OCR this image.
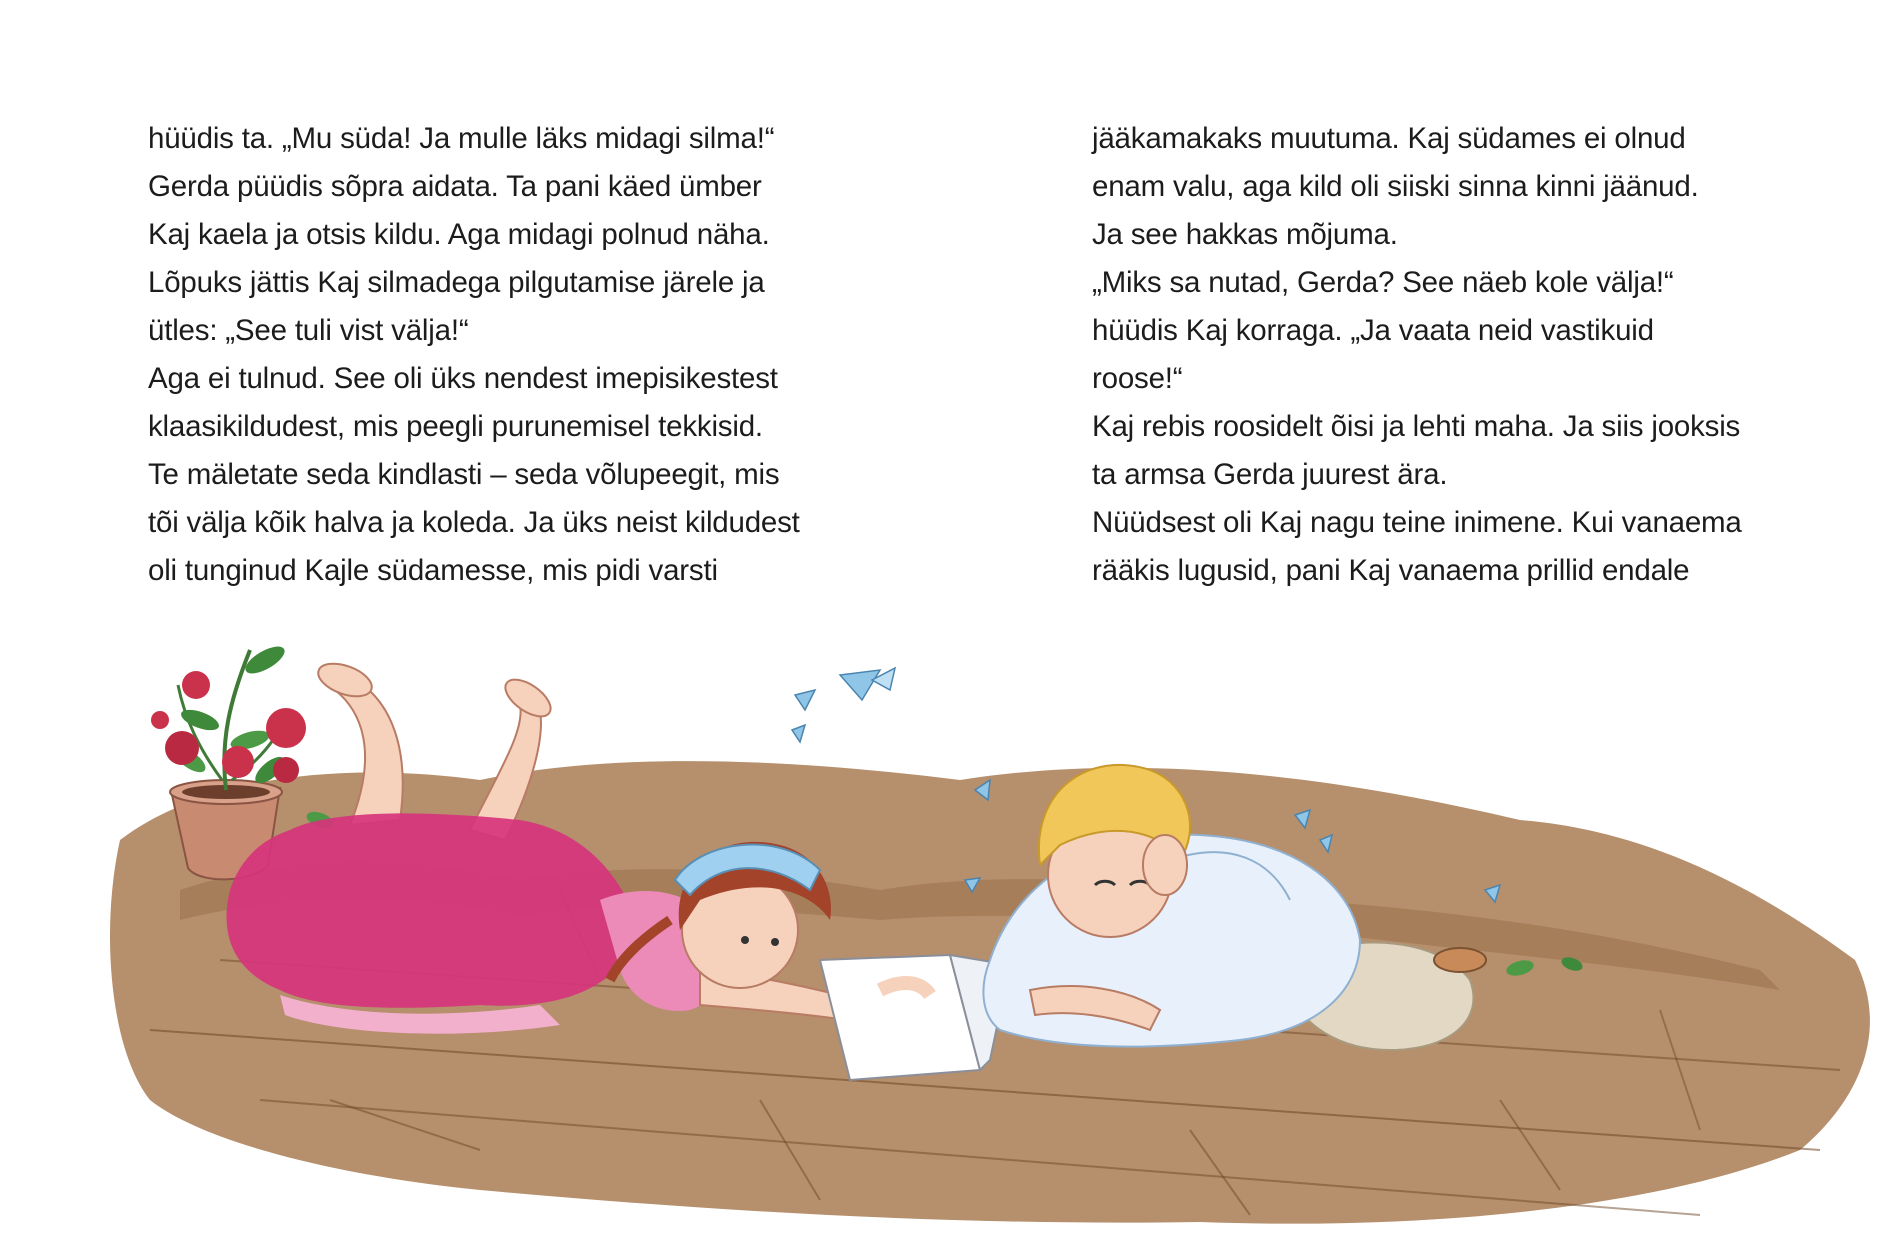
hüüdis ta. „Mu süda! Ja mulle läks midagi silma!“
Gerda püüdis sõpra aidata. Ta pani käed ümber
Kaj kaela ja otsis kildu. Aga midagi polnud näha.
Lõpuks jättis Kaj silmadega pilgutamise järele ja
ütles: „See tuli vist välja!“
Aga ei tulnud. See oli üks nendest imepisikestest
klaasikildudest, mis peegli purunemisel tekkisid.
Te mäletate seda kindlasti – seda võlupeegit, mis
tõi välja kõik halva ja koleda. Ja üks neist kildudest
oli tunginud Kajle südamesse, mis pidi varsti
jääkamakaks muutuma. Kaj südames ei olnud
enam valu, aga kild oli siiski sinna kinni jäänud.
Ja see hakkas mõjuma.
„Miks sa nutad, Gerda? See näeb kole välja!“
hüüdis Kaj korraga. „Ja vaata neid vastikuid
roose!“
Kaj rebis roosidelt õisi ja lehti maha. Ja siis jooksis
ta armsa Gerda juurest ära.
Nüüdsest oli Kaj nagu teine inimene. Kui vanaema
rääkis lugusid, pani Kaj vanaema prillid endale
